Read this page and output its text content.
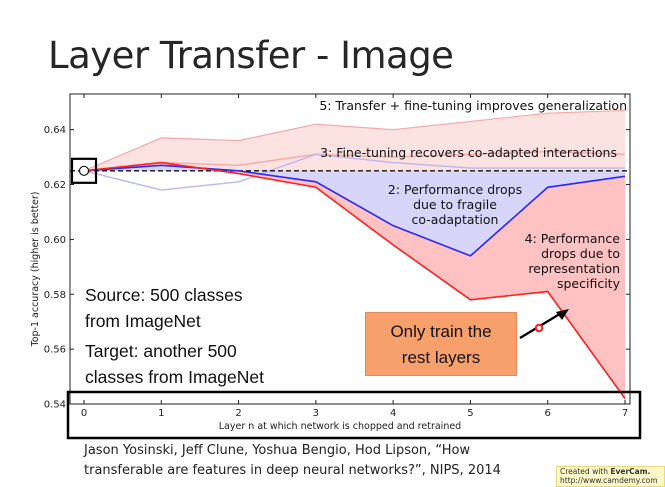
Layer Transfer - Image
0.54
0.56
0.58
0.60
0.62
0.64
0	1	2	3	4	5	6	7
Layer n at which network is chopped and retrained
Top-1 accuracy (higher is better)
5: Transfer + fine-tuning improves generalization
3: Fine-tuning recovers co-adapted interactions
2: Performance drops
due to fragile
co-adaptation
4: Performance
drops due to
representation
specificity
Source: 500 classes
from ImageNet
Target: another 500
classes from ImageNet
Only train the
rest layers
Jason Yosinski, Jeff Clune, Yoshua Bengio, Hod Lipson, “How
transferable are features in deep neural networks?”, NIPS, 2014	Created with EverCam.
http://www.camdemy.com
